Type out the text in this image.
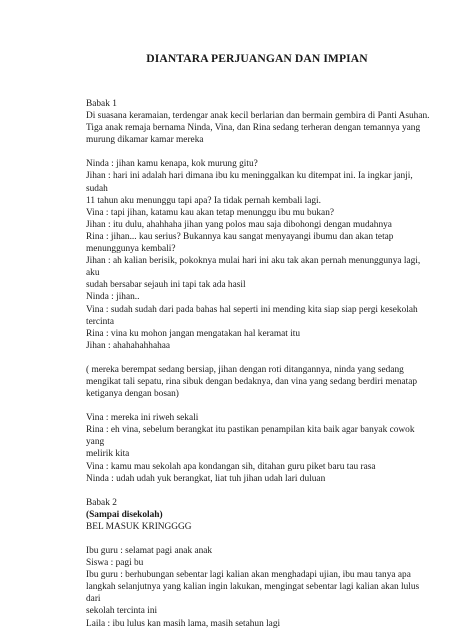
DIANTARA PERJUANGAN DAN IMPIAN
Babak 1
Di suasana keramaian, terdengar anak kecil berlarian dan bermain gembira di Panti Asuhan.
Tiga anak remaja bernama Ninda, Vina, dan Rina sedang terheran dengan temannya yang
murung dikamar kamar mereka
Ninda : jihan kamu kenapa, kok murung gitu?
Jihan : hari ini adalah hari dimana ibu ku meninggalkan ku ditempat ini. Ia ingkar janji, sudah
11 tahun aku menunggu tapi apa? Ia tidak pernah kembali lagi.
Vina : tapi jihan, katamu kau akan tetap menunggu ibu mu bukan?
Jihan : itu dulu, ahahhaha jihan yang polos mau saja dibohongi dengan mudahnya
Rina : jihan... kau serius? Bukannya kau sangat menyayangi ibumu dan akan tetap
menunggunya kembali?
Jihan : ah kalian berisik, pokoknya mulai hari ini aku tak akan pernah menunggunya lagi, aku
sudah bersabar sejauh ini tapi tak ada hasil
Ninda : jihan..
Vina : sudah sudah dari pada bahas hal seperti ini mending kita siap siap pergi kesekolah
tercinta
Rina : vina ku mohon jangan mengatakan hal keramat itu
Jihan : ahahahahhahaa
( mereka berempat sedang bersiap, jihan dengan roti ditangannya, ninda yang sedang
mengikat tali sepatu, rina sibuk dengan bedaknya, dan vina yang sedang berdiri menatap
ketiganya dengan bosan)
Vina : mereka ini riweh sekali
Rina : eh vina, sebelum berangkat itu pastikan penampilan kita baik agar banyak cowok yang
melirik kita
Vina : kamu mau sekolah apa kondangan sih, ditahan guru piket baru tau rasa
Ninda : udah udah yuk berangkat, liat tuh jihan udah lari duluan
Babak 2
(Sampai disekolah)
BEL MASUK KRINGGGG
Ibu guru : selamat pagi anak anak
Siswa : pagi bu
Ibu guru : berhubungan sebentar lagi kalian akan menghadapi ujian, ibu mau tanya apa
langkah selanjutnya yang kalian ingin lakukan, mengingat sebentar lagi kalian akan lulus dari
sekolah tercinta ini
Laila : ibu lulus kan masih lama, masih setahun lagi
